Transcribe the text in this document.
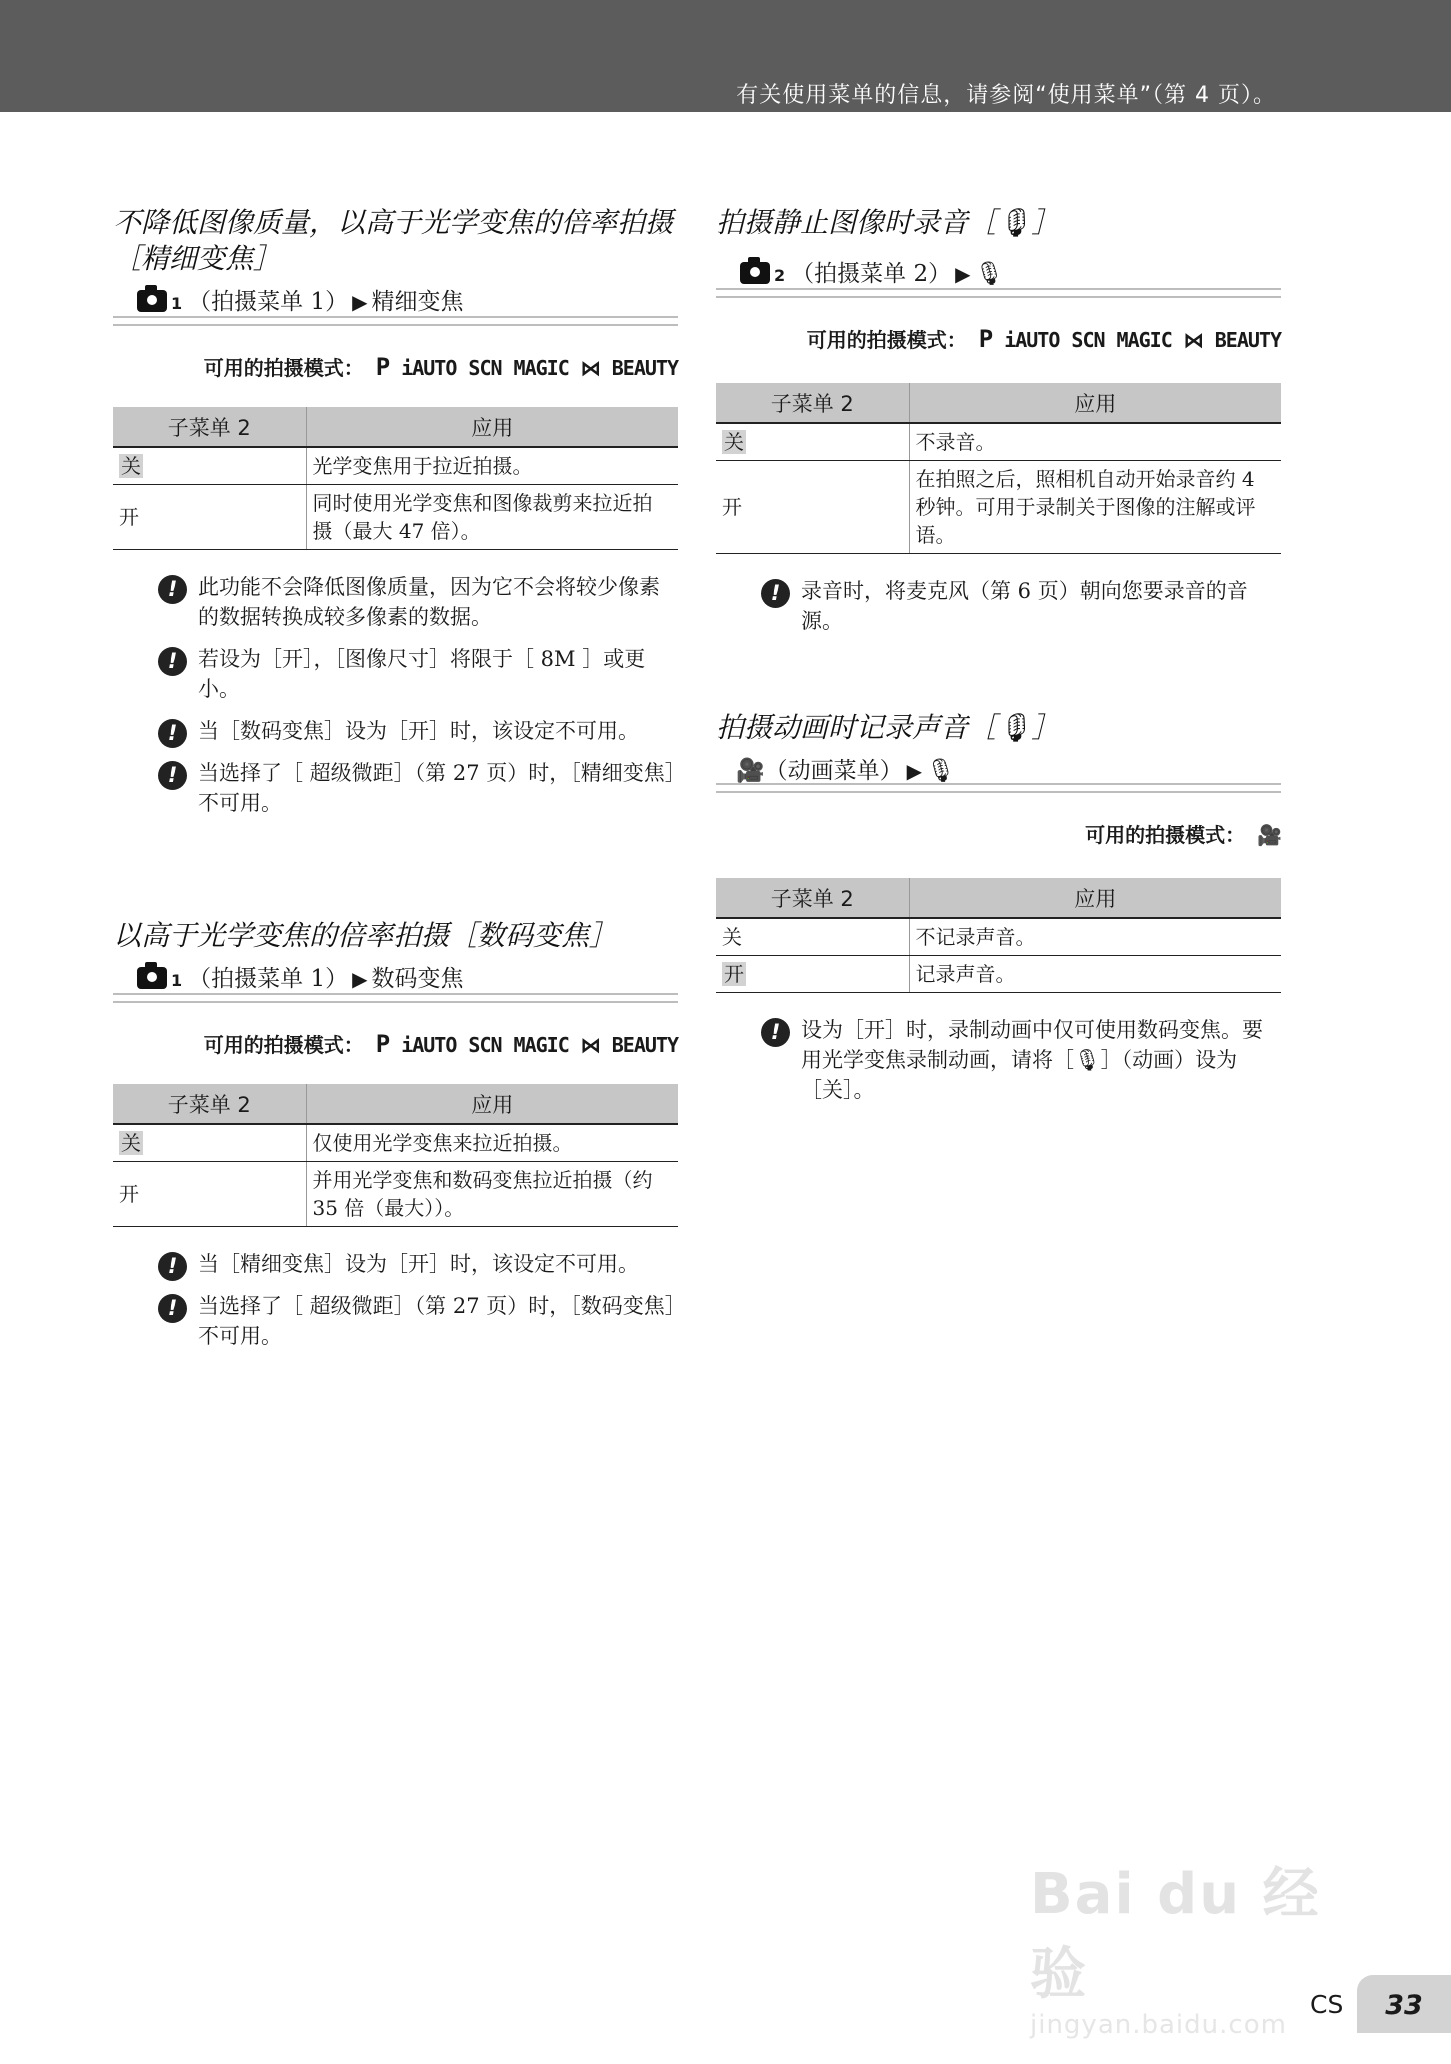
有关使用菜单的信息，请参阅“使用菜单”（第 4 页）。
不降低图像质量，以高于光学变焦的倍率拍摄［精细变焦］
1 （拍摄菜单 1） ▶ 精细变焦
可用的拍摄模式： P iAUTO SCN MAGIC ⋈ BEAUTY
子菜单 2	应用
关	光学变焦用于拉近拍摄。
开	同时使用光学变焦和图像裁剪来拉近拍摄（最大 47 倍）。
! 此功能不会降低图像质量，因为它不会将较少像素的数据转换成较多像素的数据。
! 若设为［开］，［图像尺寸］将限于［ 8M ］或更小。
! 当［数码变焦］设为［开］时，该设定不可用。
! 当选择了［ 超级微距］（第 27 页）时，［精细变焦］不可用。
以高于光学变焦的倍率拍摄［数码变焦］
1 （拍摄菜单 1） ▶ 数码变焦
可用的拍摄模式： P iAUTO SCN MAGIC ⋈ BEAUTY
子菜单 2	应用
关	仅使用光学变焦来拉近拍摄。
开	并用光学变焦和数码变焦拉近拍摄（约 35 倍（最大））。
! 当［精细变焦］设为［开］时，该设定不可用。
! 当选择了［ 超级微距］（第 27 页）时，［数码变焦］不可用。
拍摄静止图像时录音［🎙］
2 （拍摄菜单 2） ▶ 🎙
可用的拍摄模式： P iAUTO SCN MAGIC ⋈ BEAUTY
子菜单 2	应用
关	不录音。
开	在拍照之后，照相机自动开始录音约 4 秒钟。可用于录制关于图像的注解或评语。
! 录音时，将麦克风（第 6 页）朝向您要录音的音源。
拍摄动画时记录声音［🎙］
🎥（动画菜单） ▶ 🎙
可用的拍摄模式： 🎥
子菜单 2	应用
关	不记录声音。
开	记录声音。
! 设为［开］时，录制动画中仅可使用数码变焦。要用光学变焦录制动画，请将［🎙］（动画）设为［关］。
Bai du 经验
jingyan.baidu.com
CS	33
